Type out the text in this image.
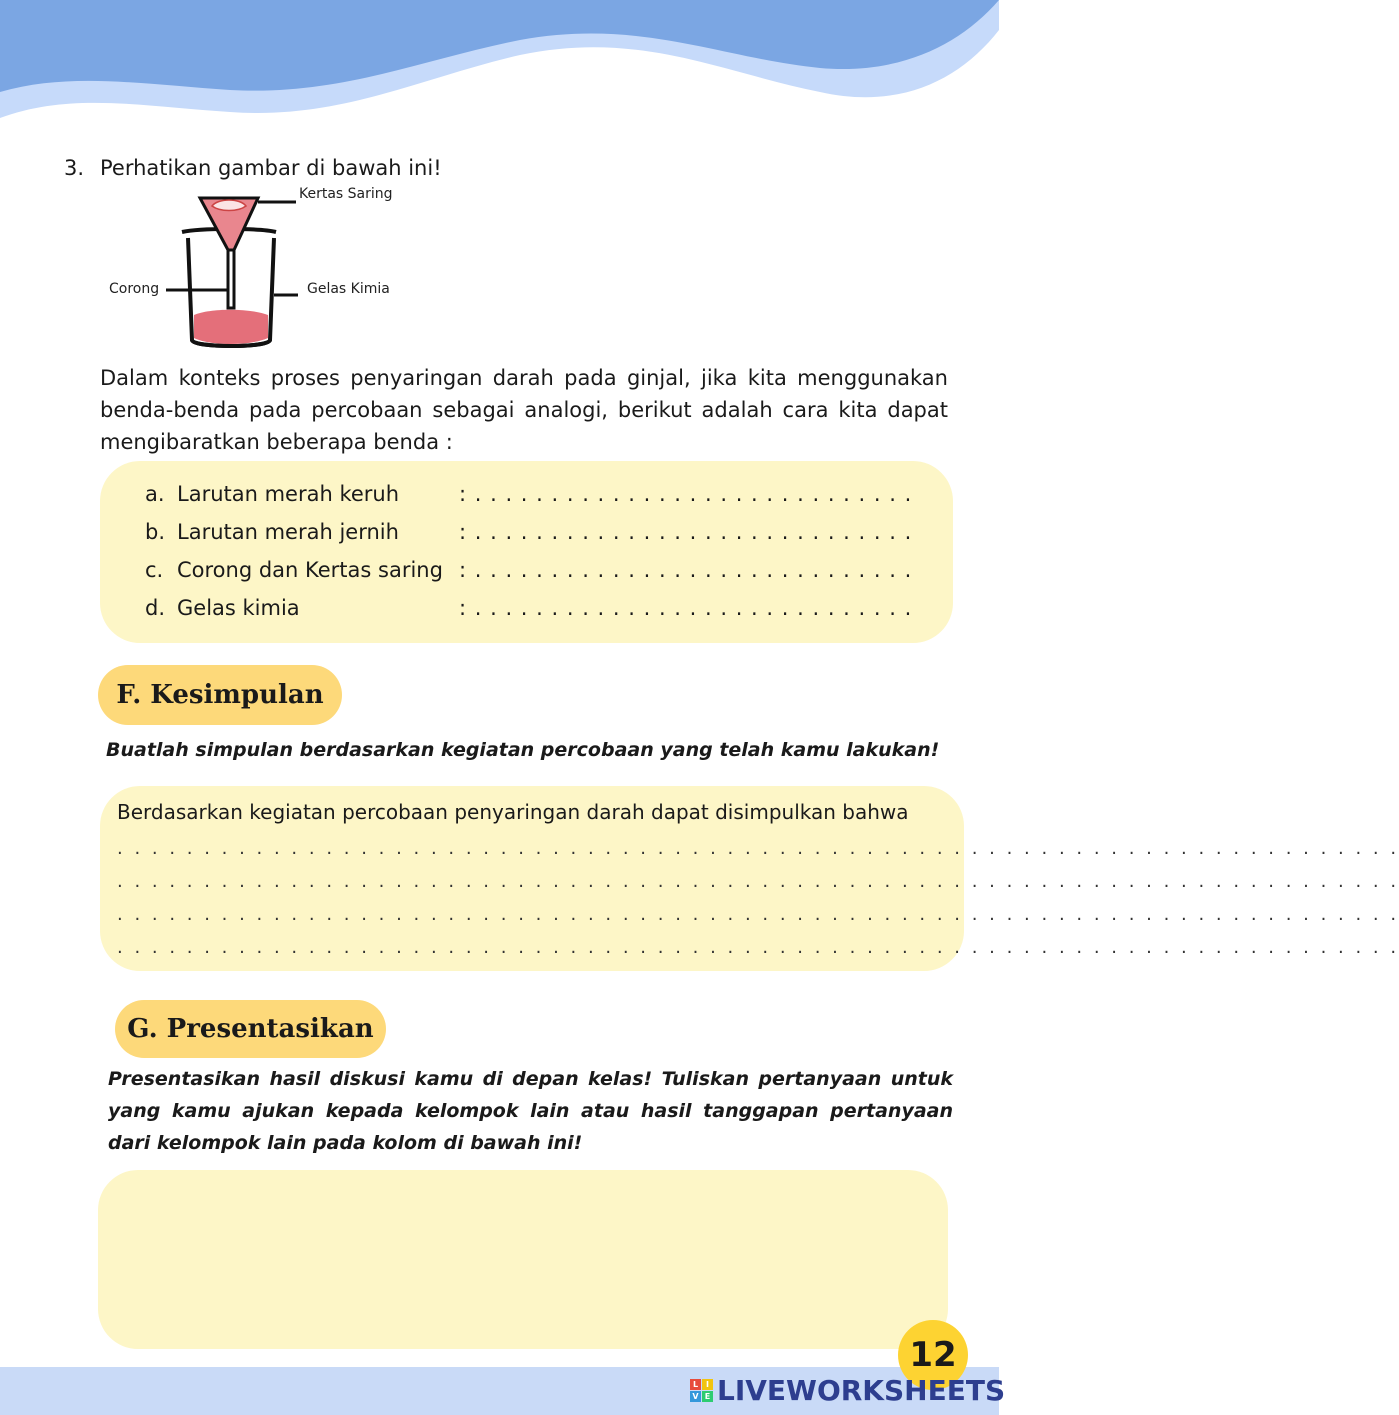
3. Perhatikan gambar di bawah ini!
Kertas Saring
Corong	Gelas Kimia
Dalam konteks proses penyaringan darah pada ginjal, jika kita menggunakan benda-benda pada percobaan sebagai analogi, berikut adalah cara kita dapat mengibaratkan beberapa benda :
a. Larutan merah keruh	: . . . . . . . . . . . . . . . . . . . . . . . . . . . . .
b. Larutan merah jernih	: . . . . . . . . . . . . . . . . . . . . . . . . . . . . .
c. Corong dan Kertas saring : . . . . . . . . . . . . . . . . . . . . . . . . . . . . .
d. Gelas kimia	: . . . . . . . . . . . . . . . . . . . . . . . . . . . . .
F. Kesimpulan
Buatlah simpulan berdasarkan kegiatan percobaan yang telah kamu lakukan!
Berdasarkan kegiatan percobaan penyaringan darah dapat disimpulkan bahwa
. . . . . . . . . . . . . . . . . . . . . . . . . . . . . . . . . . . . . . . . . . . . . . . . . . . . . . . . . . . . . . . . . . . . . . . . . .
. . . . . . . . . . . . . . . . . . . . . . . . . . . . . . . . . . . . . . . . . . . . . . . . . . . . . . . . . . . . . . . . . . . . . . . . . .
. . . . . . . . . . . . . . . . . . . . . . . . . . . . . . . . . . . . . . . . . . . . . . . . . . . . . . . . . . . . . . . . . . . . . . . . . .
. . . . . . . . . . . . . . . . . . . . . . . . . . . . . . . . . . . . . . . . . . . . . . . . . . . . . . . . . . . . . . . . . . . . . . . . . .
G. Presentasikan
Presentasikan hasil diskusi kamu di depan kelas! Tuliskan pertanyaan untuk yang kamu ajukan kepada kelompok lain atau hasil tanggapan pertanyaan dari kelompok lain pada kolom di bawah ini!
12
L I
V E LIVEWORKSHEETS
